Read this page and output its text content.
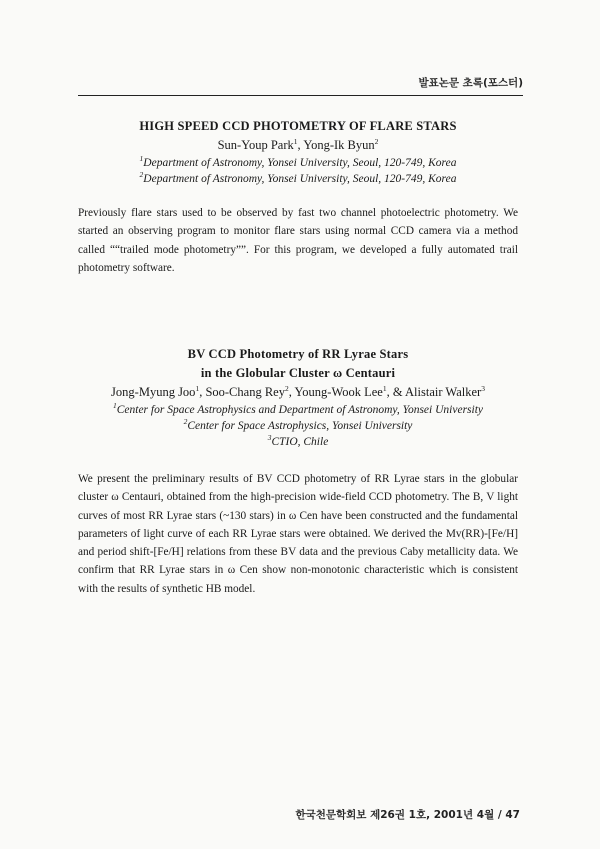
발표논문 초록(포스터)
HIGH SPEED CCD PHOTOMETRY OF FLARE STARS
Sun-Youp Park$^1$, Yong-Ik Byun$^2$
$^1$Department of Astronomy, Yonsei University, Seoul, 120-749, Korea
$^2$Department of Astronomy, Yonsei University, Seoul, 120-749, Korea

Previously flare stars used to be observed by fast two channel photoelectric photometry. We started an observing program to monitor flare stars using normal CCD camera via a method called ““trailed mode photometry””. For this program, we developed a fully automated trail photometry software.

BV CCD Photometry of RR Lyrae Stars
in the Globular Cluster ω Centauri
Jong-Myung Joo$^1$, Soo-Chang Rey$^2$, Young-Wook Lee$^1$, & Alistair Walker$^3$
$^1$Center for Space Astrophysics and Department of Astronomy, Yonsei University
$^2$Center for Space Astrophysics, Yonsei University
$^3$CTIO, Chile

We present the preliminary results of BV CCD photometry of RR Lyrae stars in the globular cluster ω Centauri, obtained from the high-precision wide-field CCD photometry. The B, V light curves of most RR Lyrae stars (~130 stars) in ω Cen have been constructed and the fundamental parameters of light curve of each RR Lyrae stars were obtained. We derived the Mv(RR)-[Fe/H] and period shift-[Fe/H] relations from these BV data and the previous Caby metallicity data. We confirm that RR Lyrae stars in ω Cen show non-monotonic characteristic which is consistent with the results of synthetic HB model.

한국천문학회보 제26권 1호, 2001년 4월 / 47
